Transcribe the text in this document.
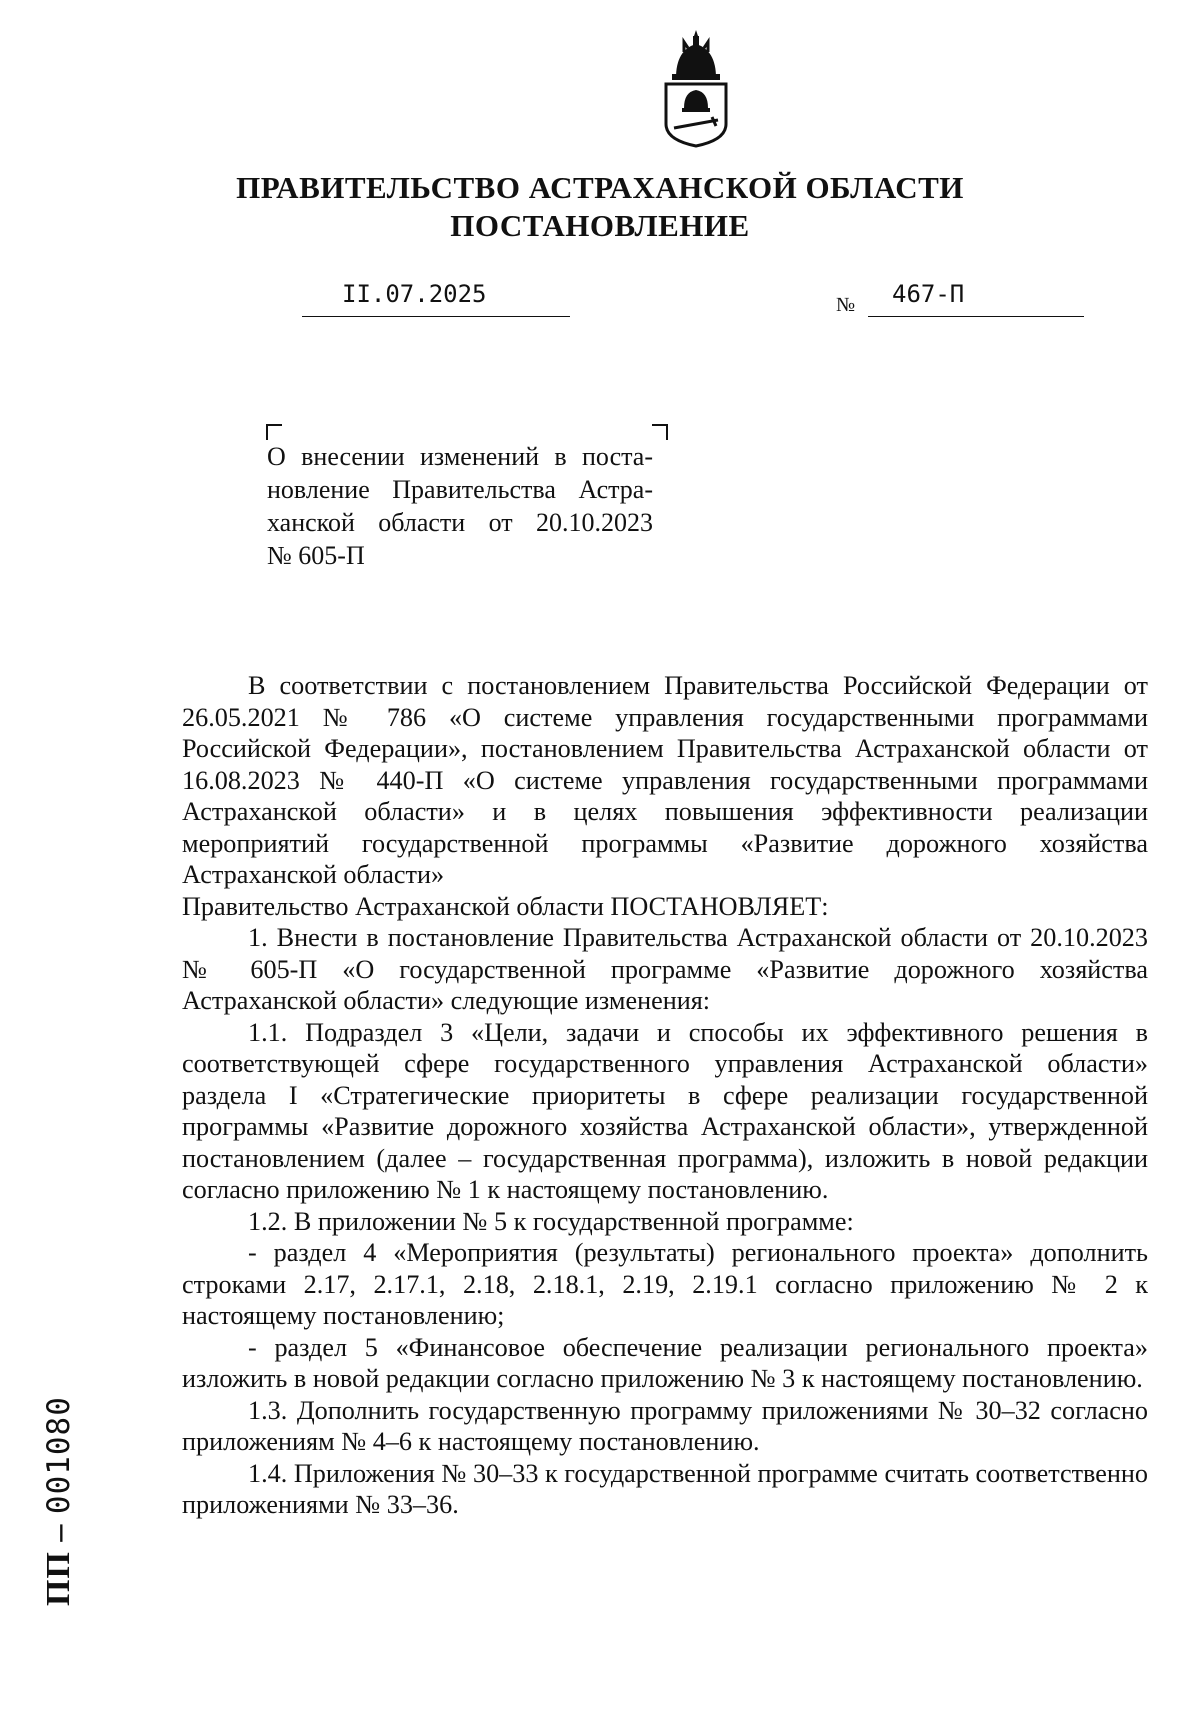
ПРАВИТЕЛЬСТВО АСТРАХАНСКОЙ ОБЛАСТИ

ПОСТАНОВЛЕНИЕ

II.07.2025	№ 467-П
О внесении изменений в поста-
новление Правительства Астра-
ханской области от 20.10.2023
№ 605-П

В соответствии с постановлением Правительства Российской Федерации от 26.05.2021 № 786 «О системе управления государственными программами Российской Федерации», постановлением Правительства Астраханской области от 16.08.2023 № 440-П «О системе управления государственными программами Астраханской области» и в целях повышения эффективности реализации мероприятий государственной программы «Развитие дорожного хозяйства Астраханской области»

Правительство Астраханской области ПОСТАНОВЛЯЕТ:

1. Внести в постановление Правительства Астраханской области от 20.10.2023 № 605-П «О государственной программе «Развитие дорожного хозяйства Астраханской области» следующие изменения:

1.1. Подраздел 3 «Цели, задачи и способы их эффективного решения в соответствующей сфере государственного управления Астраханской области» раздела I «Стратегические приоритеты в сфере реализации государственной программы «Развитие дорожного хозяйства Астраханской области», утвержденной постановлением (далее – государственная программа), изложить в новой редакции согласно приложению № 1 к настоящему постановлению.

1.2. В приложении № 5 к государственной программе:

- раздел 4 «Мероприятия (результаты) регионального проекта» дополнить строками 2.17, 2.17.1, 2.18, 2.18.1, 2.19, 2.19.1 согласно приложению № 2 к настоящему постановлению;

- раздел 5 «Финансовое обеспечение реализации регионального проекта» изложить в новой редакции согласно приложению № 3 к настоящему постановлению.

1.3. Дополнить государственную программу приложениями № 30–32 согласно приложениям № 4–6 к настоящему постановлению.

1.4. Приложения № 30–33 к государственной программе считать соответственно приложениями № 33–36.

ПП – 001080
